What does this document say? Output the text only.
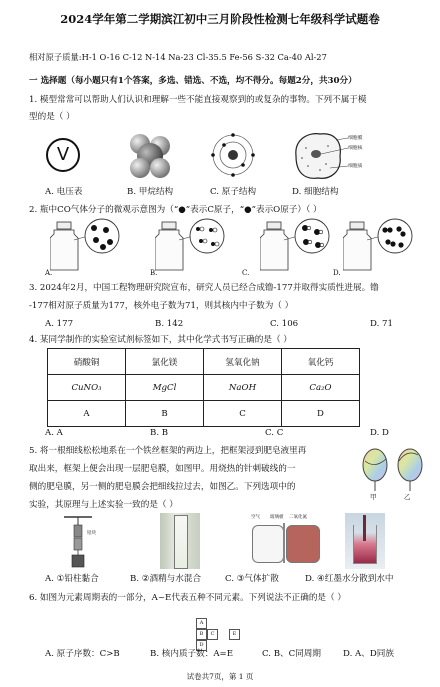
2024学年第二学期滨江初中三月阶段性检测七年级科学试题卷
相对原子质量:H-1 O-16 C-12 N-14 Na-23 Cl-35.5 Fe-56 S-32 Ca-40 Al-27
一 选择题（每小题只有1个答案，多选、错选、不选，均不得分。每题2分，共30分）
1. 模型常常可以帮助人们认识和理解一些不能直接观察到的或复杂的事物。下列不属于模
型的是（ ）
V
细胞膜
细胞核
细胞质
A. 电压表	B. 甲烷结构	C. 原子结构	D. 细胞结构
2. 瓶中CO气体分子的微观示意图为（“●”表示C原子，“●”表示O原子）（ ）
A.	B.	C.	D.
3. 2024年2月，中国工程物理研究院宣布，研究人员已经合成镥-177并取得实质性进展。镥
-177相对原子质量为177，核外电子数为71，则其核内中子数为（ ）
A. 177	B. 142	C. 106	D. 71
4. 某同学制作的实验室试剂标签如下，其中化学式书写正确的是（ ）
硝酸铜	氯化镁	氢氧化钠	氧化钙
CuNO₃	MgCl	NaOH	Ca₂O
A	B	C	D
A. A	B. B	C. C	D. D
5. 将一根细线松松地系在一个铁丝框架的两边上，把框架浸到肥皂液里再
取出来，框架上便会出现一层肥皂膜，如图甲。用烧热的针刺破线的一
侧的肥皂膜，另一侧的肥皂膜会把细线拉过去，如图乙。下列选项中的
实验，其原理与上述实验一致的是（ ）
甲	乙
铅块
空气 玻璃板 二氧化氮
A. ①铅柱黏合	B. ②酒精与水混合	C. ③气体扩散	D. ④红墨水分散到水中
6. 如图为元素周期表的一部分，A~E代表五种不同元素。下列说法不正确的是（ ）
A
B	C
D
E
A. 原子序数：C>B	B. 核内质子数：A=E	C. B、C同周期	D. A、D同族
试卷共7页，第 1 页
